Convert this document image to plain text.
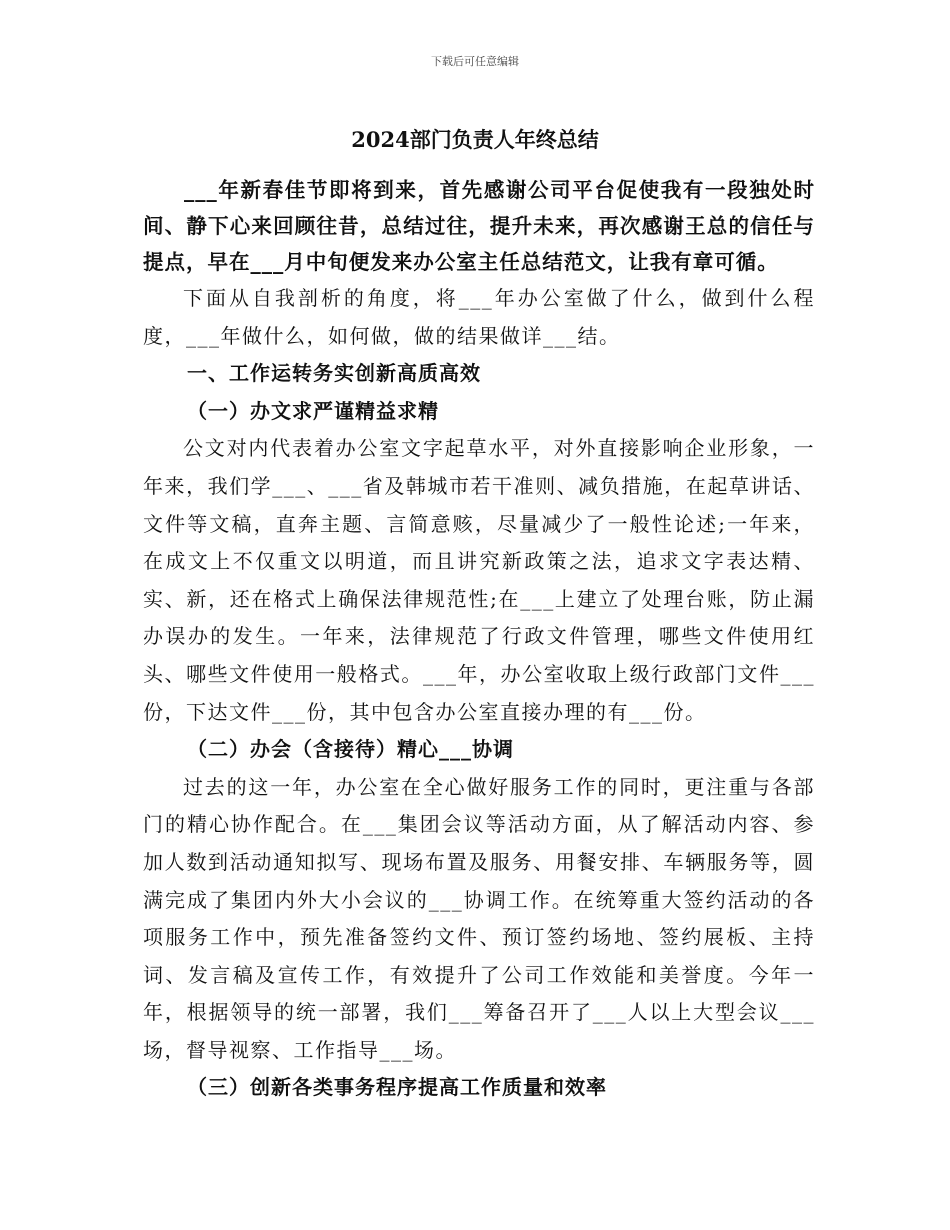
下载后可任意编辑
2024部门负责人年终总结

___年新春佳节即将到来，首先感谢公司平台促使我有一段独处时间、静下心来回顾往昔，总结过往，提升未来，再次感谢王总的信任与提点，早在___月中旬便发来办公室主任总结范文，让我有章可循。

下面从自我剖析的角度，将___年办公室做了什么，做到什么程度，___年做什么，如何做，做的结果做详___结。

一、工作运转务实创新高质高效

（一）办文求严谨精益求精

公文对内代表着办公室文字起草水平，对外直接影响企业形象，一年来，我们学___、___省及韩城市若干准则、减负措施，在起草讲话、文件等文稿，直奔主题、言简意赅，尽量减少了一般性论述;一年来，在成文上不仅重文以明道，而且讲究新政策之法，追求文字表达精、实、新，还在格式上确保法律规范性;在___上建立了处理台账，防止漏办误办的发生。一年来，法律规范了行政文件管理，哪些文件使用红头、哪些文件使用一般格式。___年，办公室收取上级行政部门文件___份，下达文件___份，其中包含办公室直接办理的有___份。

（二）办会（含接待）精心___协调

过去的这一年，办公室在全心做好服务工作的同时，更注重与各部门的精心协作配合。在___集团会议等活动方面，从了解活动内容、参加人数到活动通知拟写、现场布置及服务、用餐安排、车辆服务等，圆满完成了集团内外大小会议的___协调工作。在统筹重大签约活动的各项服务工作中，预先准备签约文件、预订签约场地、签约展板、主持词、发言稿及宣传工作，有效提升了公司工作效能和美誉度。今年一年，根据领导的统一部署，我们___筹备召开了___人以上大型会议___场，督导视察、工作指导___场。

（三）创新各类事务程序提高工作质量和效率
